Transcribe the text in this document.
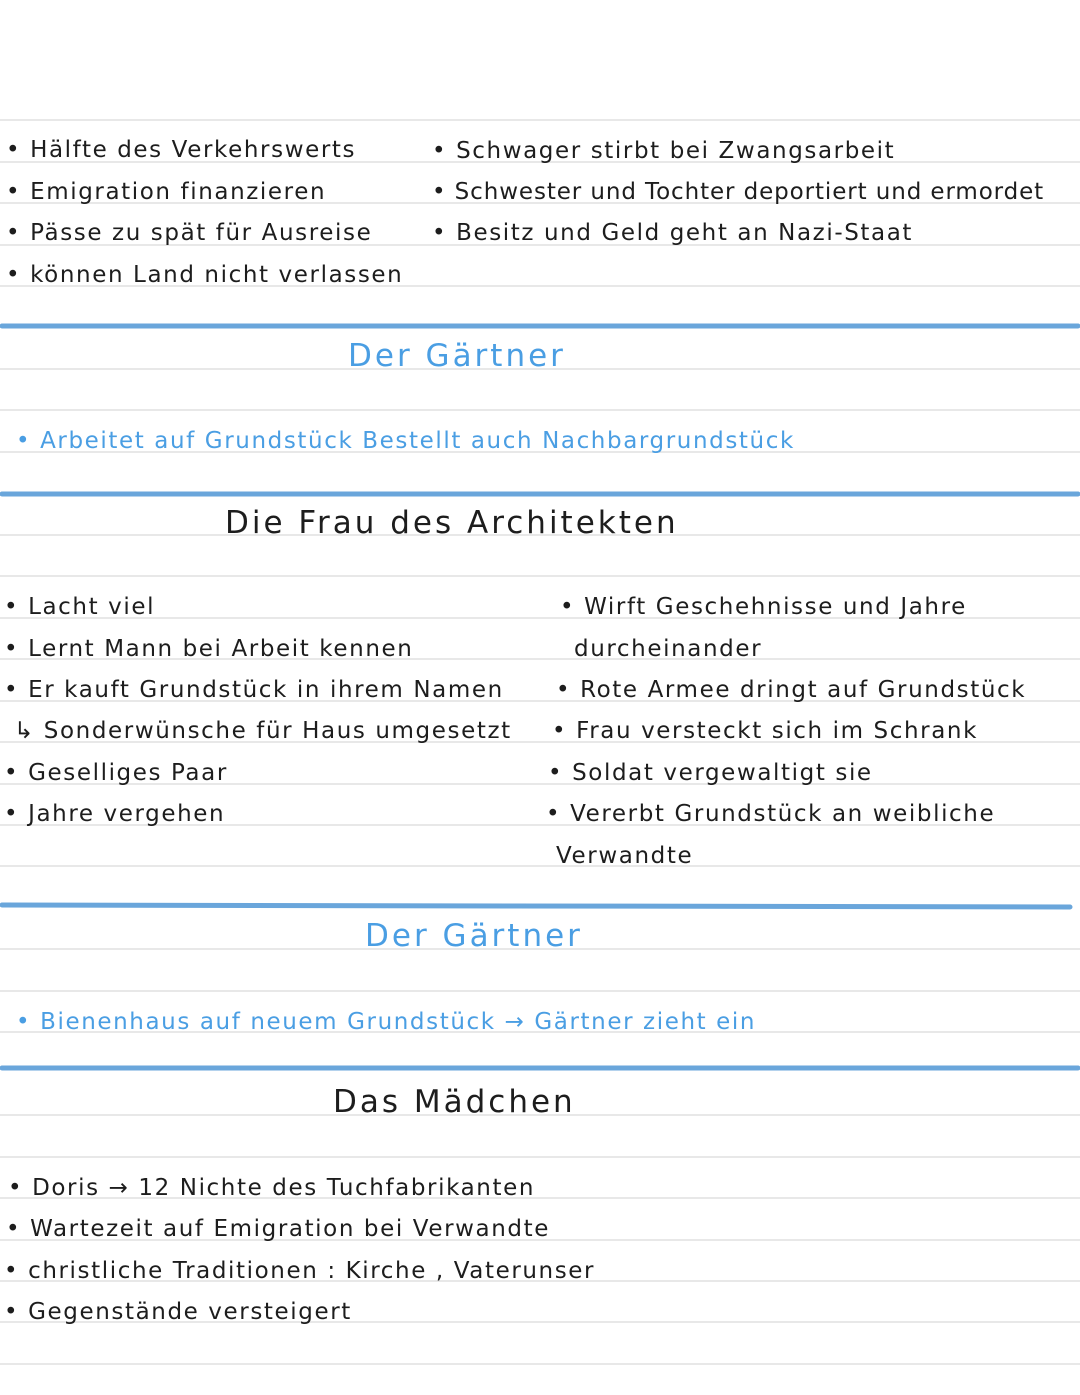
• Hälfte des Verkehrswerts
• Emigration finanzieren
• Pässe zu spät für Ausreise
• können Land nicht verlassen
• Schwager stirbt bei Zwangsarbeit
• Schwester und Tochter deportiert und ermordet
• Besitz und Geld geht an Nazi-Staat
Der Gärtner
• Arbeitet auf Grundstück Bestellt auch Nachbargrundstück
Die Frau des Architekten
• Lacht viel
• Lernt Mann bei Arbeit kennen
• Er kauft Grundstück in ihrem Namen
↳ Sonderwünsche für Haus umgesetzt
• Geselliges Paar
• Jahre vergehen
• Wirft Geschehnisse und Jahre
durcheinander
• Rote Armee dringt auf Grundstück
• Frau versteckt sich im Schrank
• Soldat vergewaltigt sie
• Vererbt Grundstück an weibliche
Verwandte
Der Gärtner
• Bienenhaus auf neuem Grundstück → Gärtner zieht ein
Das Mädchen
• Doris → 12 Nichte des Tuchfabrikanten
• Wartezeit auf Emigration bei Verwandte
• christliche Traditionen : Kirche , Vaterunser
• Gegenstände versteigert
